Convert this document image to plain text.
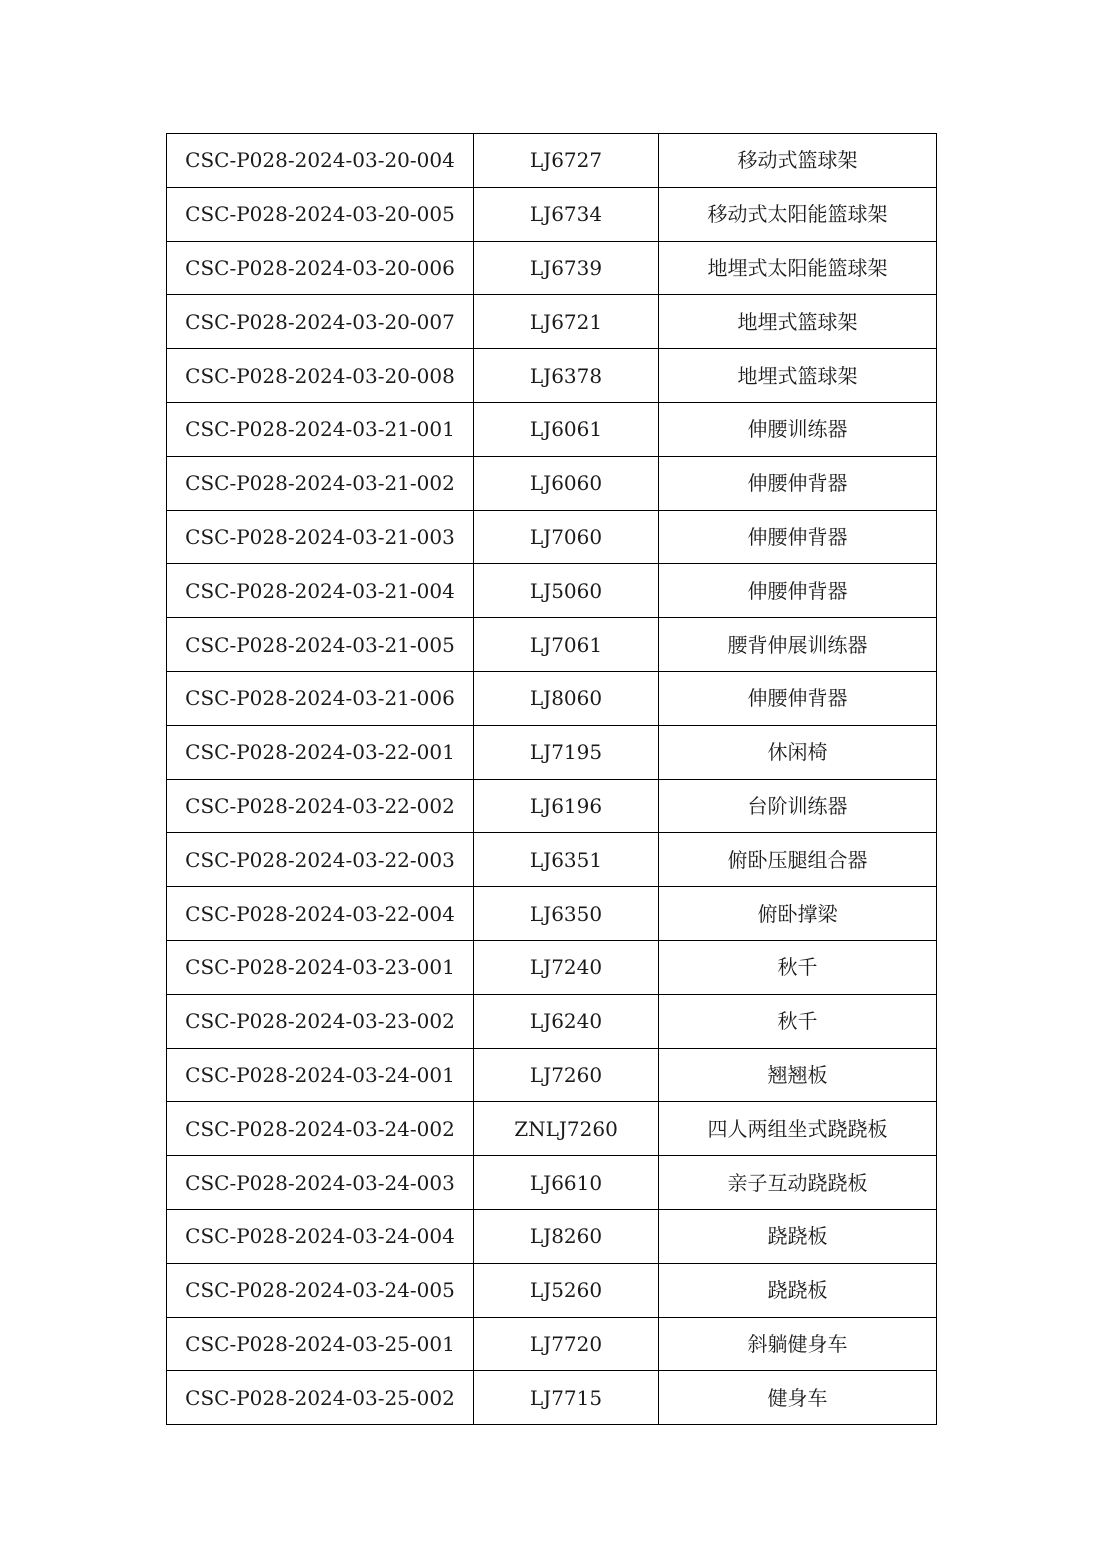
CSC-P028-2024-03-20-004	LJ6727	移动式篮球架
CSC-P028-2024-03-20-005	LJ6734	移动式太阳能篮球架
CSC-P028-2024-03-20-006	LJ6739	地埋式太阳能篮球架
CSC-P028-2024-03-20-007	LJ6721	地埋式篮球架
CSC-P028-2024-03-20-008	LJ6378	地埋式篮球架
CSC-P028-2024-03-21-001	LJ6061	伸腰训练器
CSC-P028-2024-03-21-002	LJ6060	伸腰伸背器
CSC-P028-2024-03-21-003	LJ7060	伸腰伸背器
CSC-P028-2024-03-21-004	LJ5060	伸腰伸背器
CSC-P028-2024-03-21-005	LJ7061	腰背伸展训练器
CSC-P028-2024-03-21-006	LJ8060	伸腰伸背器
CSC-P028-2024-03-22-001	LJ7195	休闲椅
CSC-P028-2024-03-22-002	LJ6196	台阶训练器
CSC-P028-2024-03-22-003	LJ6351	俯卧压腿组合器
CSC-P028-2024-03-22-004	LJ6350	俯卧撑梁
CSC-P028-2024-03-23-001	LJ7240	秋千
CSC-P028-2024-03-23-002	LJ6240	秋千
CSC-P028-2024-03-24-001	LJ7260	翘翘板
CSC-P028-2024-03-24-002	ZNLJ7260	四人两组坐式跷跷板
CSC-P028-2024-03-24-003	LJ6610	亲子互动跷跷板
CSC-P028-2024-03-24-004	LJ8260	跷跷板
CSC-P028-2024-03-24-005	LJ5260	跷跷板
CSC-P028-2024-03-25-001	LJ7720	斜躺健身车
CSC-P028-2024-03-25-002	LJ7715	健身车
